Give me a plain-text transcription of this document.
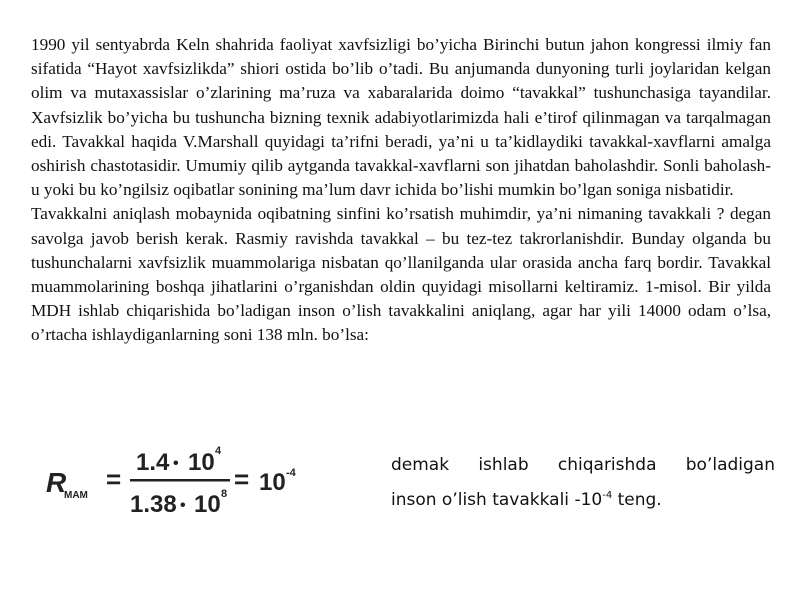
1990 yil sentyabrda Keln shahrida faoliyat xavfsizligi bo’yicha Birinchi butun jahon kongressi ilmiy fan sifatida “Hayot xavfsizlikda” shiori ostida bo’lib o’tadi. Bu anjumanda dunyoning turli joylaridan kelgan olim va mutaxassislar o’zlarining ma’ruza va xabaralarida doimo “tavakkal” tushunchasiga tayandilar. Xavfsizlik bo’yicha bu tushuncha bizning texnik adabiyotlarimizda hali e’tirof qilinmagan va tarqalmagan edi. Tavakkal haqida V.Marshall quyidagi ta’rifni beradi, ya’ni u ta’kidlaydiki tavakkal-xavflarni amalga oshirish chastotasidir. Umumiy qilib aytganda tavakkal-xavflarni son jihatdan baholashdir. Sonli baholash- u yoki bu ko’ngilsiz oqibatlar sonining ma’lum davr ichida bo’lishi mumkin bo’lgan soniga nisbatidir.

Tavakkalni aniqlash mobaynida oqibatning sinfini ko’rsatish muhimdir, ya’ni nimaning tavakkali ? degan savolga javob berish kerak. Rasmiy ravishda tavakkal – bu tez-tez takrorlanishdir. Bunday olganda bu tushunchalarni xavfsizlik muammolariga nisbatan qo’llanilganda ular orasida ancha farq bordir. Tavakkal muammolarining boshqa jihatlarini o’rganishdan oldin quyidagi misollarni keltiramiz. 1-misol. Bir yilda MDH ishlab chiqarishida bo’ladigan inson o’lish tavakkalini aniqlang, agar har yili 14000 odam o’lsa, o’rtacha ishlaydiganlarning soni 138 mln. bo’lsa:

R
MAM
=
1.4 • 10 4
1.38 • 10 8 = 10 -4	demak ishlab chiqarishda bo’ladigan
inson o’lish tavakkali $-10^{-4}$ teng.
